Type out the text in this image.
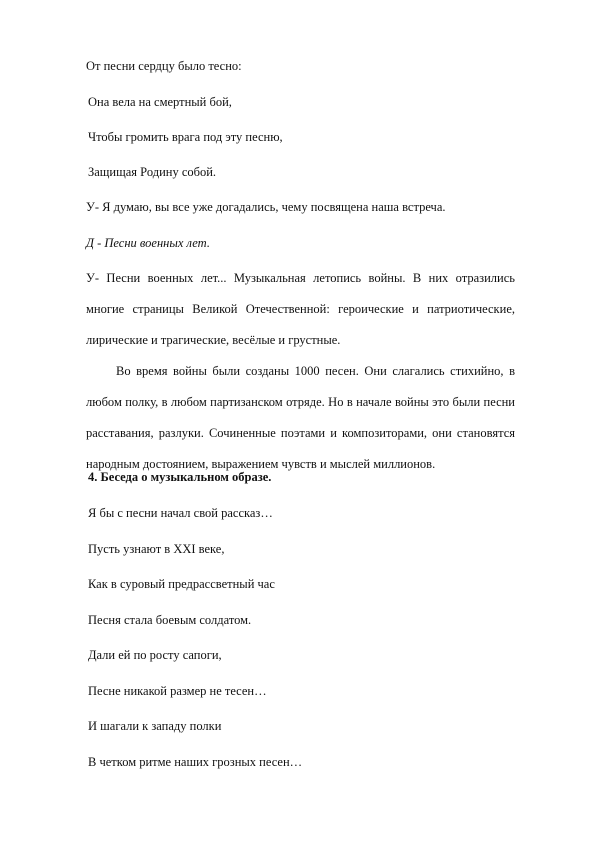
От песни сердцу было тесно:
Она вела на смертный бой,
Чтобы громить врага под эту песню,
Защищая Родину собой.
У- Я думаю, вы все уже догадались, чему посвящена наша встреча.
Д - Песни военных лет.
У- Песни военных лет... Музыкальная летопись войны. В них отразились многие страницы Великой Отечественной: героические и патриотические, лирические и трагические, весёлые и грустные.
Во время войны были созданы 1000 песен. Они слагались стихийно, в любом полку, в любом партизанском отряде. Но в начале войны это были песни расставания, разлуки. Сочиненные поэтами и композиторами, они становятся народным достоянием, выражением чувств и мыслей миллионов.
4. Беседа о музыкальном образе.
Я бы с песни начал свой рассказ…
Пусть узнают в XXI веке,
Как в суровый предрассветный час
Песня стала боевым солдатом.
Дали ей по росту сапоги,
Песне никакой размер не тесен…
И шагали к западу полки
В четком ритме наших грозных песен…
